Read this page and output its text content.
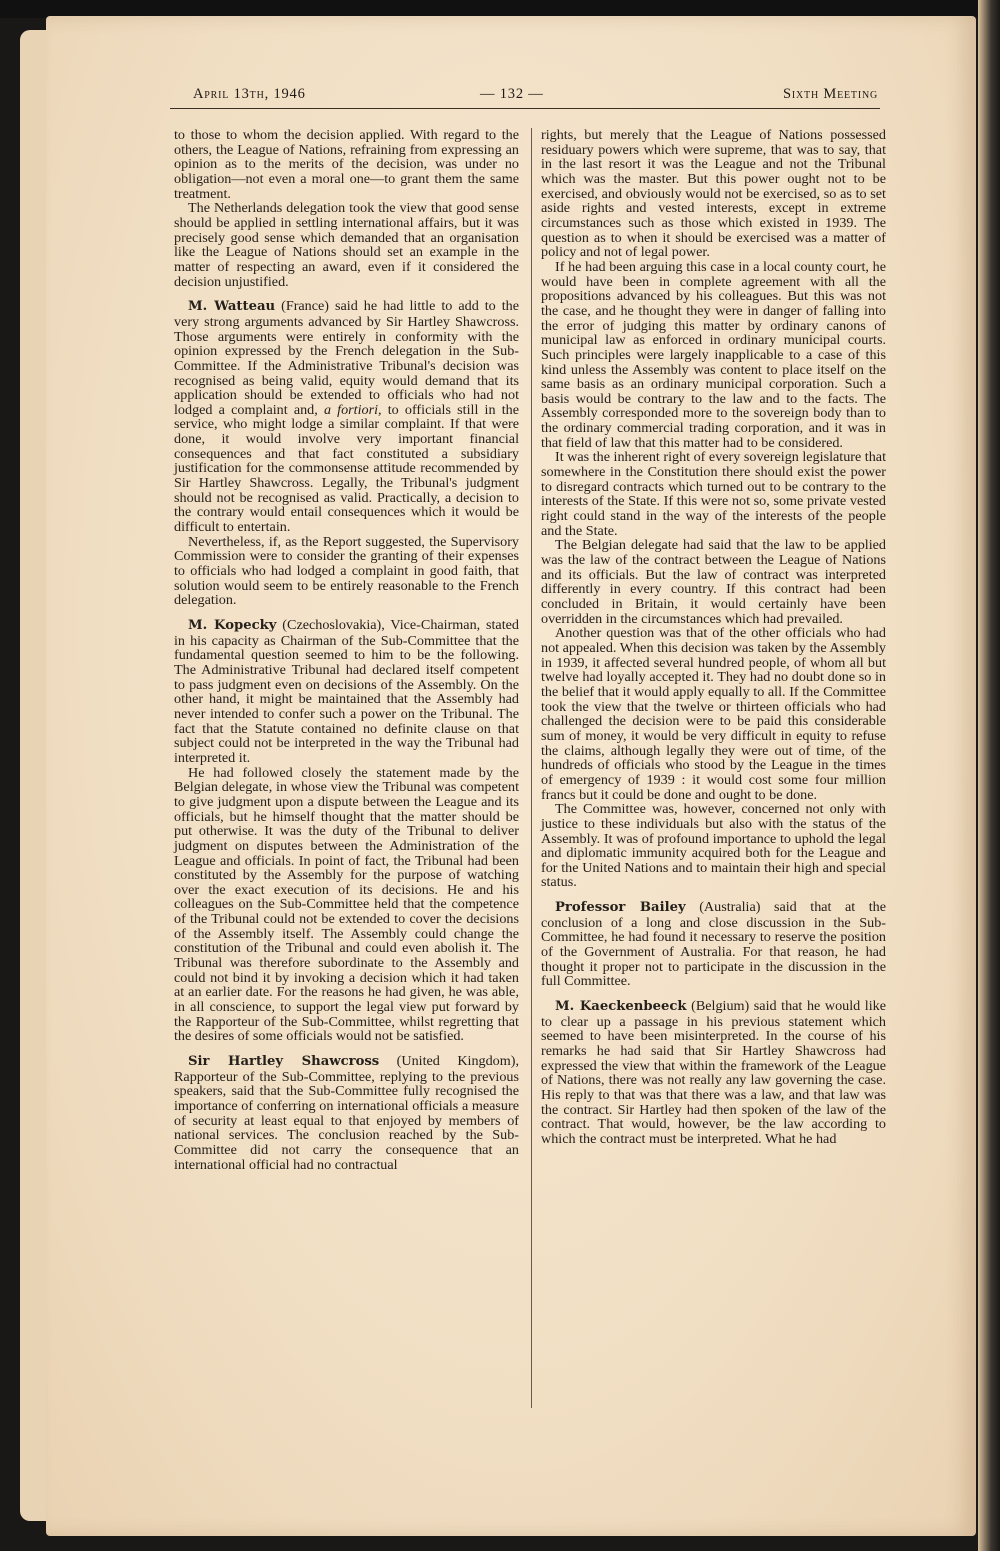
April 13th, 1946	— 132 —	Sixth Meeting

to those to whom the decision applied. With regard to the others, the League of Nations, refraining from expressing an opinion as to the merits of the decision, was under no obligation—not even a moral one—to grant them the same treatment.

The Netherlands delegation took the view that good sense should be applied in settling international affairs, but it was precisely good sense which demanded that an organisation like the League of Nations should set an example in the matter of respecting an award, even if it considered the decision unjustified.

M. Watteau (France) said he had little to add to the very strong arguments advanced by Sir Hartley Shawcross. Those arguments were entirely in conformity with the opinion expressed by the French delegation in the Sub-Committee. If the Administrative Tribunal's decision was recognised as being valid, equity would demand that its application should be extended to officials who had not lodged a complaint and, a fortiori, to officials still in the service, who might lodge a similar complaint. If that were done, it would involve very important financial consequences and that fact constituted a subsidiary justification for the commonsense attitude recommended by Sir Hartley Shawcross. Legally, the Tribunal's judgment should not be recognised as valid. Practically, a decision to the contrary would entail consequences which it would be difficult to entertain.

Nevertheless, if, as the Report suggested, the Supervisory Commission were to consider the granting of their expenses to officials who had lodged a complaint in good faith, that solution would seem to be entirely reasonable to the French delegation.

M. Kopecky (Czechoslovakia), Vice-Chairman, stated in his capacity as Chairman of the Sub-Committee that the fundamental question seemed to him to be the following. The Administrative Tribunal had declared itself competent to pass judgment even on decisions of the Assembly. On the other hand, it might be maintained that the Assembly had never intended to confer such a power on the Tribunal. The fact that the Statute contained no definite clause on that subject could not be interpreted in the way the Tribunal had interpreted it.

He had followed closely the statement made by the Belgian delegate, in whose view the Tribunal was competent to give judgment upon a dispute between the League and its officials, but he himself thought that the matter should be put otherwise. It was the duty of the Tribunal to deliver judgment on disputes between the Administration of the League and officials. In point of fact, the Tribunal had been constituted by the Assembly for the purpose of watching over the exact execution of its decisions. He and his colleagues on the Sub-Committee held that the competence of the Tribunal could not be extended to cover the decisions of the Assembly itself. The Assembly could change the constitution of the Tribunal and could even abolish it. The Tribunal was therefore subordinate to the Assembly and could not bind it by invoking a decision which it had taken at an earlier date. For the reasons he had given, he was able, in all conscience, to support the legal view put forward by the Rapporteur of the Sub-Committee, whilst regretting that the desires of some officials would not be satisfied.

Sir Hartley Shawcross (United Kingdom), Rapporteur of the Sub-Committee, replying to the previous speakers, said that the Sub-Committee fully recognised the importance of conferring on international officials a measure of security at least equal to that enjoyed by members of national services. The conclusion reached by the Sub-Committee did not carry the consequence that an international official had no contractual

rights, but merely that the League of Nations possessed residuary powers which were supreme, that was to say, that in the last resort it was the League and not the Tribunal which was the master. But this power ought not to be exercised, and obviously would not be exercised, so as to set aside rights and vested interests, except in extreme circumstances such as those which existed in 1939. The question as to when it should be exercised was a matter of policy and not of legal power.

If he had been arguing this case in a local county court, he would have been in complete agreement with all the propositions advanced by his colleagues. But this was not the case, and he thought they were in danger of falling into the error of judging this matter by ordinary canons of municipal law as enforced in ordinary municipal courts. Such principles were largely inapplicable to a case of this kind unless the Assembly was content to place itself on the same basis as an ordinary municipal corporation. Such a basis would be contrary to the law and to the facts. The Assembly corresponded more to the sovereign body than to the ordinary commercial trading corporation, and it was in that field of law that this matter had to be considered.

It was the inherent right of every sovereign legislature that somewhere in the Constitution there should exist the power to disregard contracts which turned out to be contrary to the interests of the State. If this were not so, some private vested right could stand in the way of the interests of the people and the State.

The Belgian delegate had said that the law to be applied was the law of the contract between the League of Nations and its officials. But the law of contract was interpreted differently in every country. If this contract had been concluded in Britain, it would certainly have been overridden in the circumstances which had prevailed.

Another question was that of the other officials who had not appealed. When this decision was taken by the Assembly in 1939, it affected several hundred people, of whom all but twelve had loyally accepted it. They had no doubt done so in the belief that it would apply equally to all. If the Committee took the view that the twelve or thirteen officials who had challenged the decision were to be paid this considerable sum of money, it would be very difficult in equity to refuse the claims, although legally they were out of time, of the hundreds of officials who stood by the League in the times of emergency of 1939 : it would cost some four million francs but it could be done and ought to be done.

The Committee was, however, concerned not only with justice to these individuals but also with the status of the Assembly. It was of profound importance to uphold the legal and diplomatic immunity acquired both for the League and for the United Nations and to maintain their high and special status.

Professor Bailey (Australia) said that at the conclusion of a long and close discussion in the Sub-Committee, he had found it necessary to reserve the position of the Government of Australia. For that reason, he had thought it proper not to participate in the discussion in the full Committee.

M. Kaeckenbeeck (Belgium) said that he would like to clear up a passage in his previous statement which seemed to have been misinterpreted. In the course of his remarks he had said that Sir Hartley Shawcross had expressed the view that within the framework of the League of Nations, there was not really any law governing the case. His reply to that was that there was a law, and that law was the contract. Sir Hartley had then spoken of the law of the contract. That would, however, be the law according to which the contract must be interpreted. What he had
